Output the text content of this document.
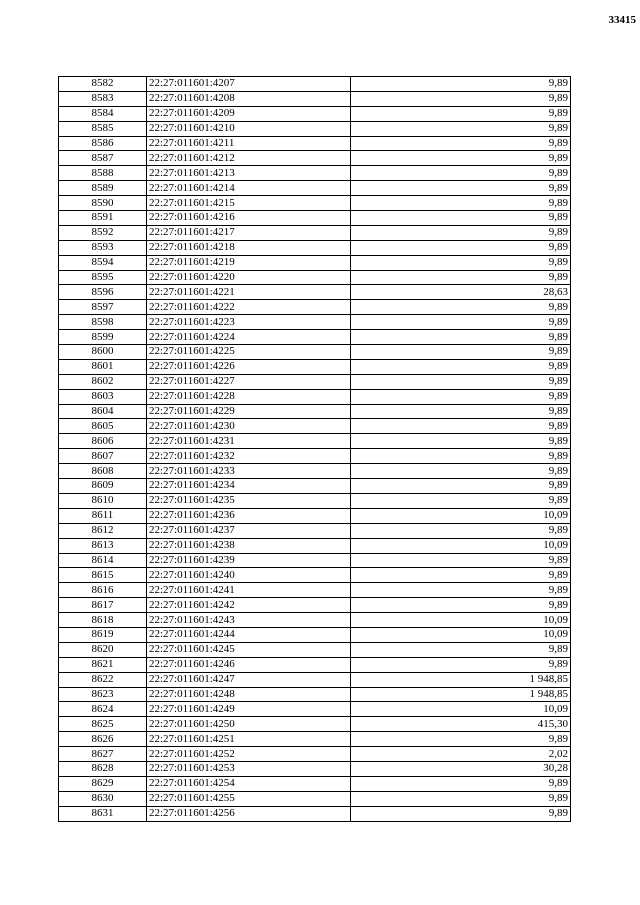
33415
8582	22:27:011601:4207	9,89
8583	22:27:011601:4208	9,89
8584	22:27:011601:4209	9,89
8585	22:27:011601:4210	9,89
8586	22:27:011601:4211	9,89
8587	22:27:011601:4212	9,89
8588	22:27:011601:4213	9,89
8589	22:27:011601:4214	9,89
8590	22:27:011601:4215	9,89
8591	22:27:011601:4216	9,89
8592	22:27:011601:4217	9,89
8593	22:27:011601:4218	9,89
8594	22:27:011601:4219	9,89
8595	22:27:011601:4220	9,89
8596	22:27:011601:4221	28,63
8597	22:27:011601:4222	9,89
8598	22:27:011601:4223	9,89
8599	22:27:011601:4224	9,89
8600	22:27:011601:4225	9,89
8601	22:27:011601:4226	9,89
8602	22:27:011601:4227	9,89
8603	22:27:011601:4228	9,89
8604	22:27:011601:4229	9,89
8605	22:27:011601:4230	9,89
8606	22:27:011601:4231	9,89
8607	22:27:011601:4232	9,89
8608	22:27:011601:4233	9,89
8609	22:27:011601:4234	9,89
8610	22:27:011601:4235	9,89
8611	22:27:011601:4236	10,09
8612	22:27:011601:4237	9,89
8613	22:27:011601:4238	10,09
8614	22:27:011601:4239	9,89
8615	22:27:011601:4240	9,89
8616	22:27:011601:4241	9,89
8617	22:27:011601:4242	9,89
8618	22:27:011601:4243	10,09
8619	22:27:011601:4244	10,09
8620	22:27:011601:4245	9,89
8621	22:27:011601:4246	9,89
8622	22:27:011601:4247	1 948,85
8623	22:27:011601:4248	1 948,85
8624	22:27:011601:4249	10,09
8625	22:27:011601:4250	415,30
8626	22:27:011601:4251	9,89
8627	22:27:011601:4252	2,02
8628	22:27:011601:4253	30,28
8629	22:27:011601:4254	9,89
8630	22:27:011601:4255	9,89
8631	22:27:011601:4256	9,89
